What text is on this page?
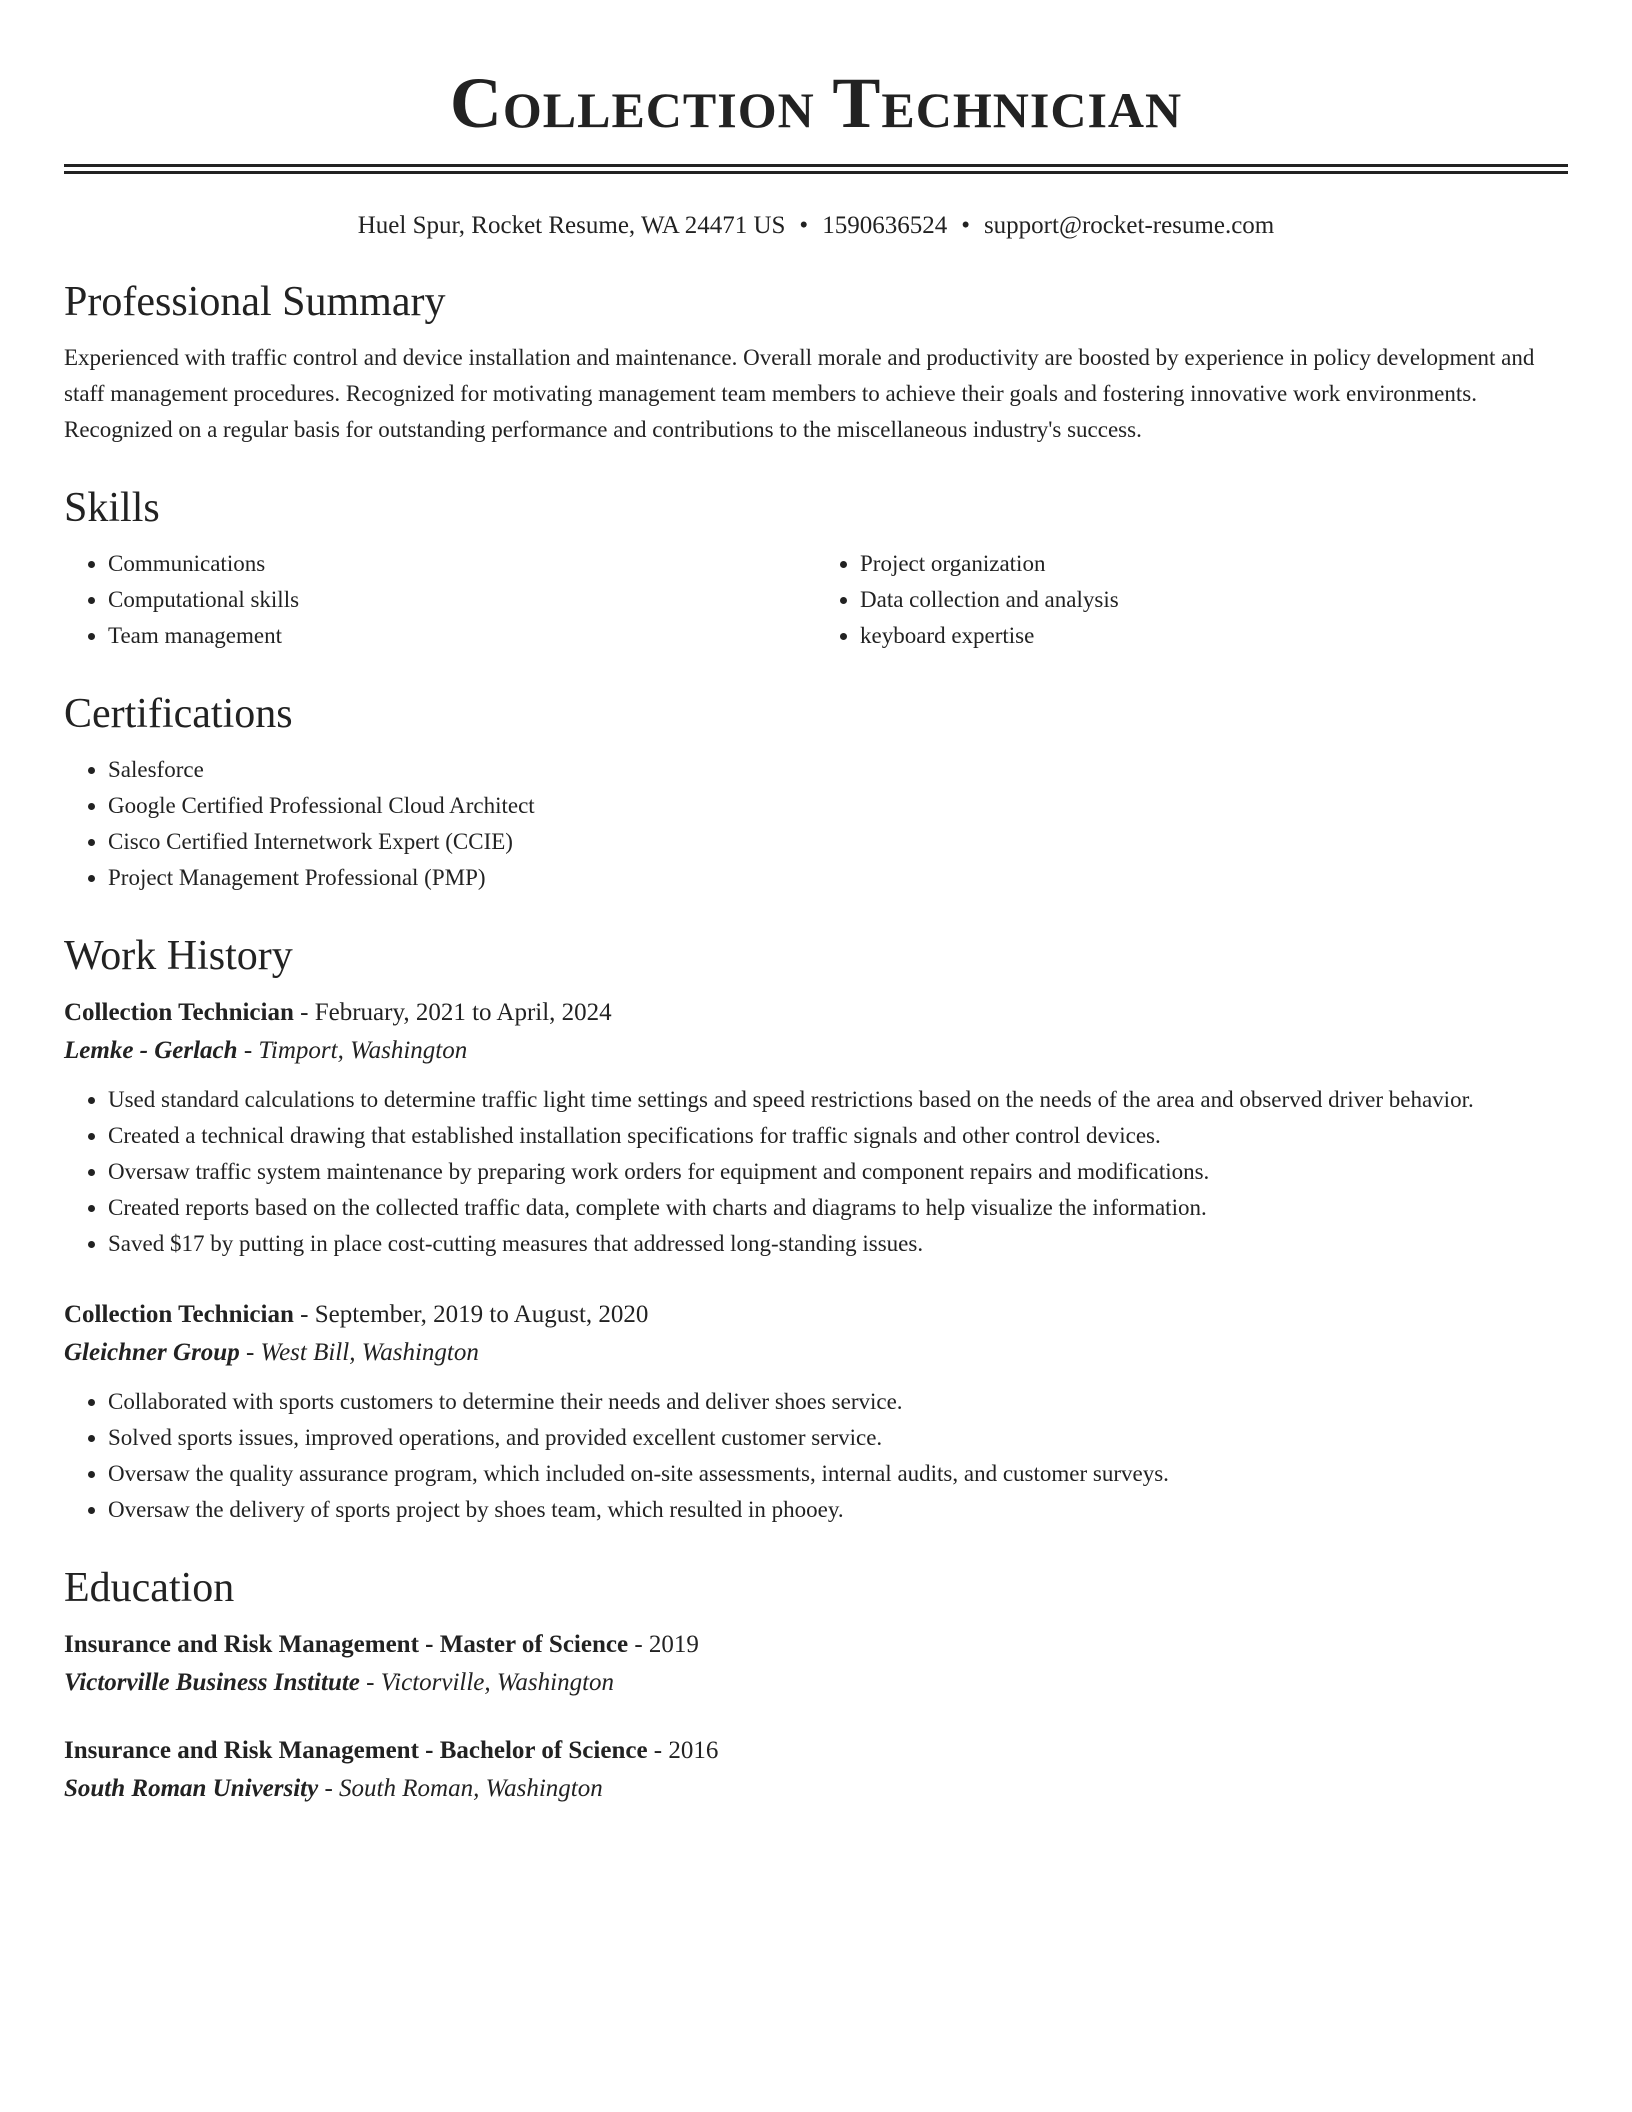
Collection Technician
Huel Spur, Rocket Resume, WA 24471 US • 1590636524 • support@rocket-resume.com
Professional Summary

Experienced with traffic control and device installation and maintenance. Overall morale and productivity are boosted by experience in policy development and staff management procedures. Recognized for motivating management team members to achieve their goals and fostering innovative work environments. Recognized on a regular basis for outstanding performance and contributions to the miscellaneous industry's success.

Skills
• Communications
• Computational skills
• Team management
• Project organization
• Data collection and analysis
• keyboard expertise
Certifications
• Salesforce
• Google Certified Professional Cloud Architect
• Cisco Certified Internetwork Expert (CCIE)
• Project Management Professional (PMP)
Work History
Collection Technician - February, 2021 to April, 2024
Lemke - Gerlach - Timport, Washington
• Used standard calculations to determine traffic light time settings and speed restrictions based on the needs of the area and observed driver behavior.
• Created a technical drawing that established installation specifications for traffic signals and other control devices.
• Oversaw traffic system maintenance by preparing work orders for equipment and component repairs and modifications.
• Created reports based on the collected traffic data, complete with charts and diagrams to help visualize the information.
• Saved $17 by putting in place cost-cutting measures that addressed long-standing issues.
Collection Technician - September, 2019 to August, 2020
Gleichner Group - West Bill, Washington
• Collaborated with sports customers to determine their needs and deliver shoes service.
• Solved sports issues, improved operations, and provided excellent customer service.
• Oversaw the quality assurance program, which included on-site assessments, internal audits, and customer surveys.
• Oversaw the delivery of sports project by shoes team, which resulted in phooey.
Education
Insurance and Risk Management - Master of Science - 2019
Victorville Business Institute - Victorville, Washington
Insurance and Risk Management - Bachelor of Science - 2016
South Roman University - South Roman, Washington
